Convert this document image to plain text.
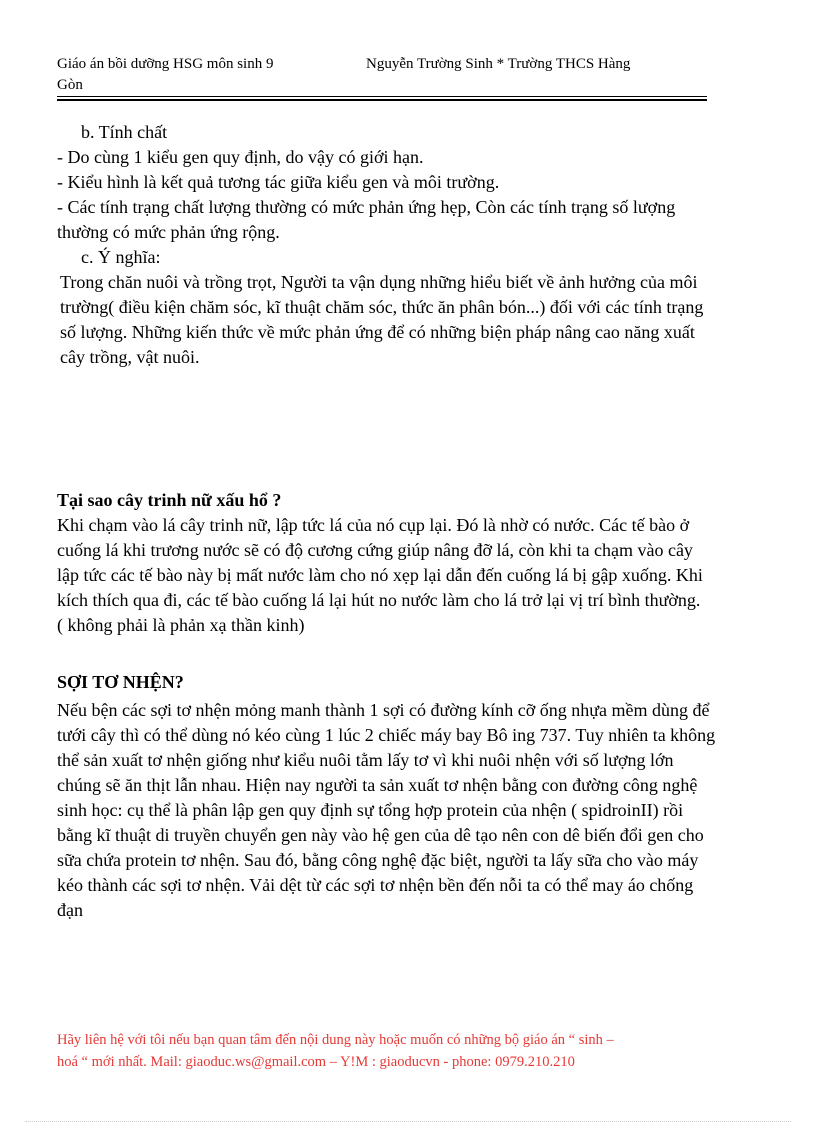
Giáo án bồi dưỡng HSG môn sinh 9	Nguyễn Trường Sinh * Trường THCS Hàng
Gòn

b. Tính chất

- Do cùng 1 kiểu gen quy định, do vậy có giới hạn.

- Kiểu hình là kết quả tương tác giữa kiểu gen và môi trường.

- Các tính trạng chất lượng thường có mức phản ứng hẹp, Còn các tính trạng số lượng thường có mức phản ứng rộng.

c. Ý nghĩa:

Trong chăn nuôi và trồng trọt, Người ta vận dụng những hiểu biết về ảnh hưởng của môi trường( điều kiện chăm sóc, kĩ thuật chăm sóc, thức ăn phân bón...) đối với các tính trạng số lượng. Những kiến thức về mức phản ứng để có những biện pháp nâng cao năng xuất cây trồng, vật nuôi.

Tại sao cây trinh nữ xấu hổ ?

Khi chạm vào lá cây trinh nữ, lập tức lá của nó cụp lại. Đó là nhờ có nước. Các tế bào ở cuống lá khi trương nước sẽ có độ cương cứng giúp nâng đỡ lá, còn khi ta chạm vào cây lập tức các tế bào này bị mất nước làm cho nó xẹp lại dẫn đến cuống lá bị gập xuống. Khi kích thích qua đi, các tế bào cuống lá lại hút no nước làm cho lá trở lại vị trí bình thường. ( không phải là phản xạ thần kinh)

SỢI TƠ NHỆN?

Nếu bện các sợi tơ nhện mỏng manh thành 1 sợi có đường kính cỡ ống nhựa mềm dùng để tưới cây thì có thể dùng nó kéo cùng 1 lúc 2 chiếc máy bay Bô ing 737. Tuy nhiên ta không thể sản xuất tơ nhện giống như kiểu nuôi tằm lấy tơ vì khi nuôi nhện với số lượng lớn chúng sẽ ăn thịt lẫn nhau. Hiện nay người ta sản xuất tơ nhện bằng con đường công nghệ sinh học: cụ thể là phân lập gen quy định sự tổng hợp protein của nhện ( spidroinII) rồi bằng kĩ thuật di truyền chuyển gen này vào hệ gen của dê tạo nên con dê biến đổi gen cho sữa chứa protein tơ nhện. Sau đó, bằng công nghệ đặc biệt, người ta lấy sữa cho vào máy kéo thành các sợi tơ nhện. Vải dệt từ các sợi tơ nhện bền đến nỗi ta có thể may áo chống đạn

Hãy liên hệ với tôi nếu bạn quan tâm đến nội dung này hoặc muốn có những bộ giáo án “ sinh –

hoá “ mới nhất. Mail: giaoduc.ws@gmail.com – Y!M : giaoducvn - phone: 0979.210.210
